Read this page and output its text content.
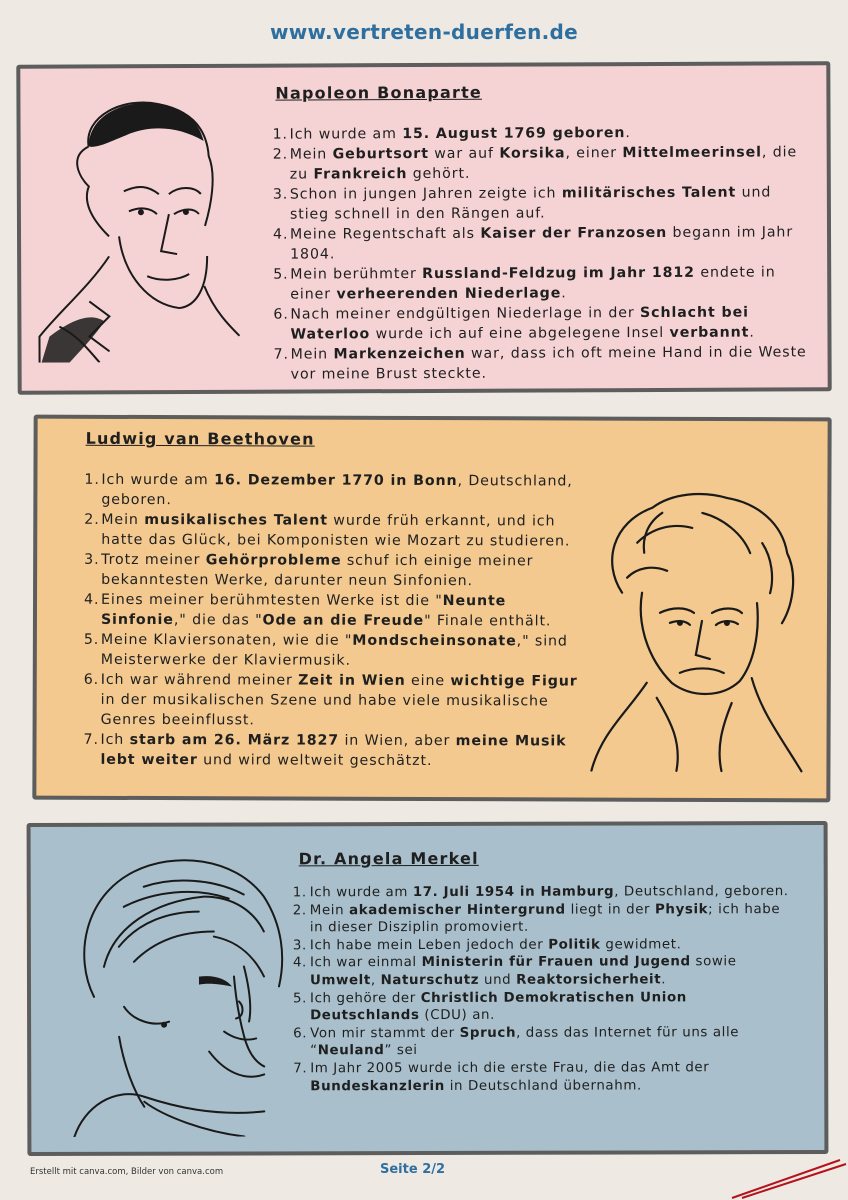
www.vertreten-duerfen.de
Napoleon Bonaparte
1. Ich wurde am 15. August 1769 geboren.
2. Mein Geburtsort war auf Korsika, einer Mittelmeerinsel, die zu Frankreich gehört.
3. Schon in jungen Jahren zeigte ich militärisches Talent und stieg schnell in den Rängen auf.
4. Meine Regentschaft als Kaiser der Franzosen begann im Jahr 1804.
5. Mein berühmter Russland-Feldzug im Jahr 1812 endete in einer verheerenden Niederlage.
6. Nach meiner endgültigen Niederlage in der Schlacht bei Waterloo wurde ich auf eine abgelegene Insel verbannt.
7. Mein Markenzeichen war, dass ich oft meine Hand in die Weste vor meine Brust steckte.
Ludwig van Beethoven
1. Ich wurde am 16. Dezember 1770 in Bonn, Deutschland, geboren.
2. Mein musikalisches Talent wurde früh erkannt, und ich hatte das Glück, bei Komponisten wie Mozart zu studieren.
3. Trotz meiner Gehörprobleme schuf ich einige meiner bekanntesten Werke, darunter neun Sinfonien.
4. Eines meiner berühmtesten Werke ist die "Neunte Sinfonie," die das "Ode an die Freude" Finale enthält.
5. Meine Klaviersonaten, wie die "Mondscheinsonate," sind Meisterwerke der Klaviermusik.
6. Ich war während meiner Zeit in Wien eine wichtige Figur in der musikalischen Szene und habe viele musikalische Genres beeinflusst.
7. Ich starb am 26. März 1827 in Wien, aber meine Musik lebt weiter und wird weltweit geschätzt.
Dr. Angela Merkel
1. Ich wurde am 17. Juli 1954 in Hamburg, Deutschland, geboren.
2. Mein akademischer Hintergrund liegt in der Physik; ich habe in dieser Disziplin promoviert.
3. Ich habe mein Leben jedoch der Politik gewidmet.
4. Ich war einmal Ministerin für Frauen und Jugend sowie Umwelt, Naturschutz und Reaktorsicherheit.
5. Ich gehöre der Christlich Demokratischen Union Deutschlands (CDU) an.
6. Von mir stammt der Spruch, dass das Internet für uns alle “Neuland” sei
7. Im Jahr 2005 wurde ich die erste Frau, die das Amt der Bundeskanzlerin in Deutschland übernahm.
Erstellt mit canva.com, Bilder von canva.com	Seite 2/2
